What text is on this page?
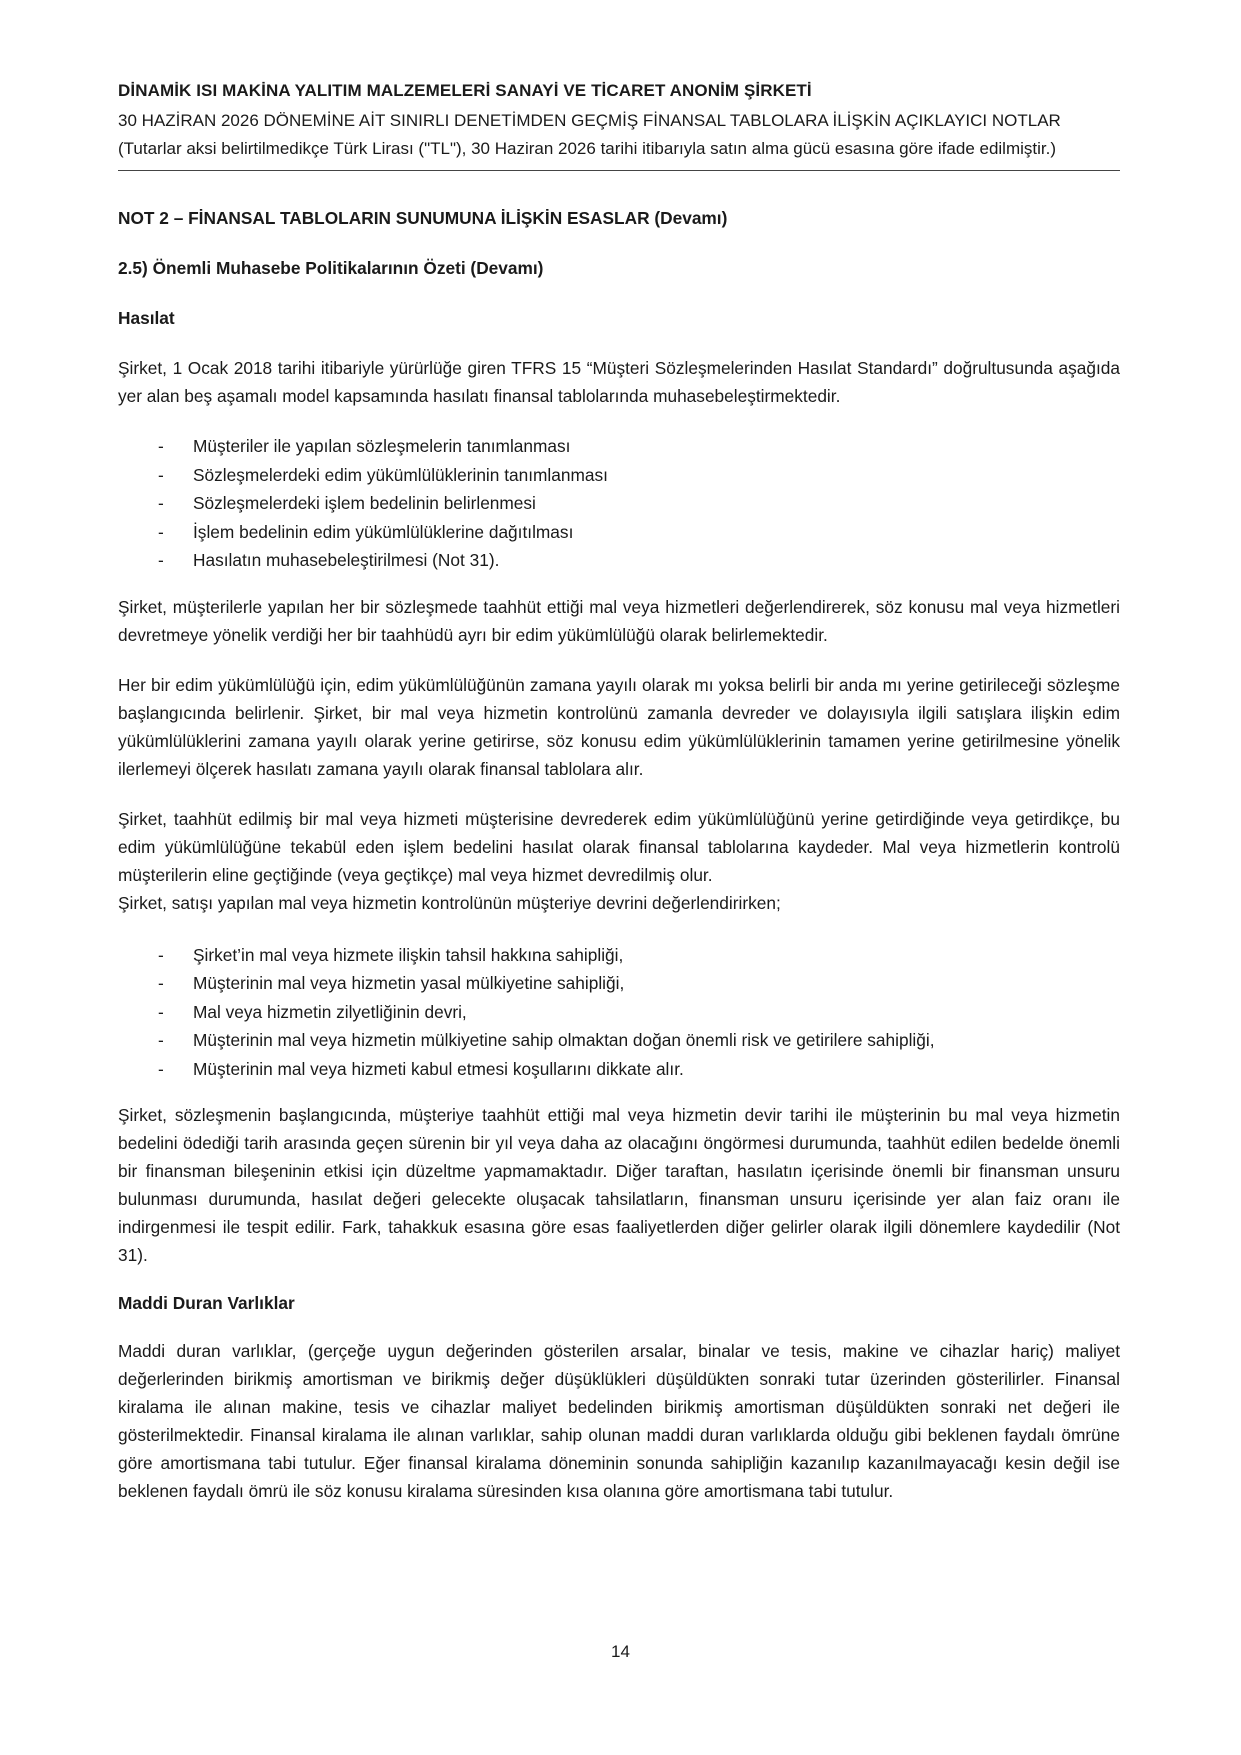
DİNAMİK ISI MAKİNA YALITIM MALZEMELERİ SANAYİ VE TİCARET ANONİM ŞİRKETİ
30 HAZİRAN 2026 DÖNEMİNE AİT SINIRLI DENETİMDEN GEÇMİŞ FİNANSAL TABLOLARA İLİŞKİN AÇIKLAYICI NOTLAR
(Tutarlar aksi belirtilmedikçe Türk Lirası ("TL"), 30 Haziran 2026 tarihi itibarıyla satın alma gücü esasına göre ifade edilmiştir.)
NOT 2 – FİNANSAL TABLOLARIN SUNUMUNA İLİŞKİN ESASLAR (Devamı)
2.5) Önemli Muhasebe Politikalarının Özeti (Devamı)
Hasılat

Şirket, 1 Ocak 2018 tarihi itibariyle yürürlüğe giren TFRS 15 “Müşteri Sözleşmelerinden Hasılat Standardı” doğrultusunda aşağıda yer alan beş aşamalı model kapsamında hasılatı finansal tablolarında muhasebeleştirmektedir.

- Müşteriler ile yapılan sözleşmelerin tanımlanması
- Sözleşmelerdeki edim yükümlülüklerinin tanımlanması
- Sözleşmelerdeki işlem bedelinin belirlenmesi
- İşlem bedelinin edim yükümlülüklerine dağıtılması
- Hasılatın muhasebeleştirilmesi (Not 31).

Şirket, müşterilerle yapılan her bir sözleşmede taahhüt ettiği mal veya hizmetleri değerlendirerek, söz konusu mal veya hizmetleri devretmeye yönelik verdiği her bir taahhüdü ayrı bir edim yükümlülüğü olarak belirlemektedir.

Her bir edim yükümlülüğü için, edim yükümlülüğünün zamana yayılı olarak mı yoksa belirli bir anda mı yerine getirileceği sözleşme başlangıcında belirlenir. Şirket, bir mal veya hizmetin kontrolünü zamanla devreder ve dolayısıyla ilgili satışlara ilişkin edim yükümlülüklerini zamana yayılı olarak yerine getirirse, söz konusu edim yükümlülüklerinin tamamen yerine getirilmesine yönelik ilerlemeyi ölçerek hasılatı zamana yayılı olarak finansal tablolara alır.

Şirket, taahhüt edilmiş bir mal veya hizmeti müşterisine devrederek edim yükümlülüğünü yerine getirdiğinde veya getirdikçe, bu edim yükümlülüğüne tekabül eden işlem bedelini hasılat olarak finansal tablolarına kaydeder. Mal veya hizmetlerin kontrolü müşterilerin eline geçtiğinde (veya geçtikçe) mal veya hizmet devredilmiş olur.

Şirket, satışı yapılan mal veya hizmetin kontrolünün müşteriye devrini değerlendirirken;

- Şirket’in mal veya hizmete ilişkin tahsil hakkına sahipliği,
- Müşterinin mal veya hizmetin yasal mülkiyetine sahipliği,
- Mal veya hizmetin zilyetliğinin devri,
- Müşterinin mal veya hizmetin mülkiyetine sahip olmaktan doğan önemli risk ve getirilere sahipliği,
- Müşterinin mal veya hizmeti kabul etmesi koşullarını dikkate alır.

Şirket, sözleşmenin başlangıcında, müşteriye taahhüt ettiği mal veya hizmetin devir tarihi ile müşterinin bu mal veya hizmetin bedelini ödediği tarih arasında geçen sürenin bir yıl veya daha az olacağını öngörmesi durumunda, taahhüt edilen bedelde önemli bir finansman bileşeninin etkisi için düzeltme yapmamaktadır. Diğer taraftan, hasılatın içerisinde önemli bir finansman unsuru bulunması durumunda, hasılat değeri gelecekte oluşacak tahsilatların, finansman unsuru içerisinde yer alan faiz oranı ile indirgenmesi ile tespit edilir. Fark, tahakkuk esasına göre esas faaliyetlerden diğer gelirler olarak ilgili dönemlere kaydedilir (Not 31).

Maddi Duran Varlıklar

Maddi duran varlıklar, (gerçeğe uygun değerinden gösterilen arsalar, binalar ve tesis, makine ve cihazlar hariç) maliyet değerlerinden birikmiş amortisman ve birikmiş değer düşüklükleri düşüldükten sonraki tutar üzerinden gösterilirler. Finansal kiralama ile alınan makine, tesis ve cihazlar maliyet bedelinden birikmiş amortisman düşüldükten sonraki net değeri ile gösterilmektedir. Finansal kiralama ile alınan varlıklar, sahip olunan maddi duran varlıklarda olduğu gibi beklenen faydalı ömrüne göre amortismana tabi tutulur. Eğer finansal kiralama döneminin sonunda sahipliğin kazanılıp kazanılmayacağı kesin değil ise beklenen faydalı ömrü ile söz konusu kiralama süresinden kısa olanına göre amortismana tabi tutulur.

14
